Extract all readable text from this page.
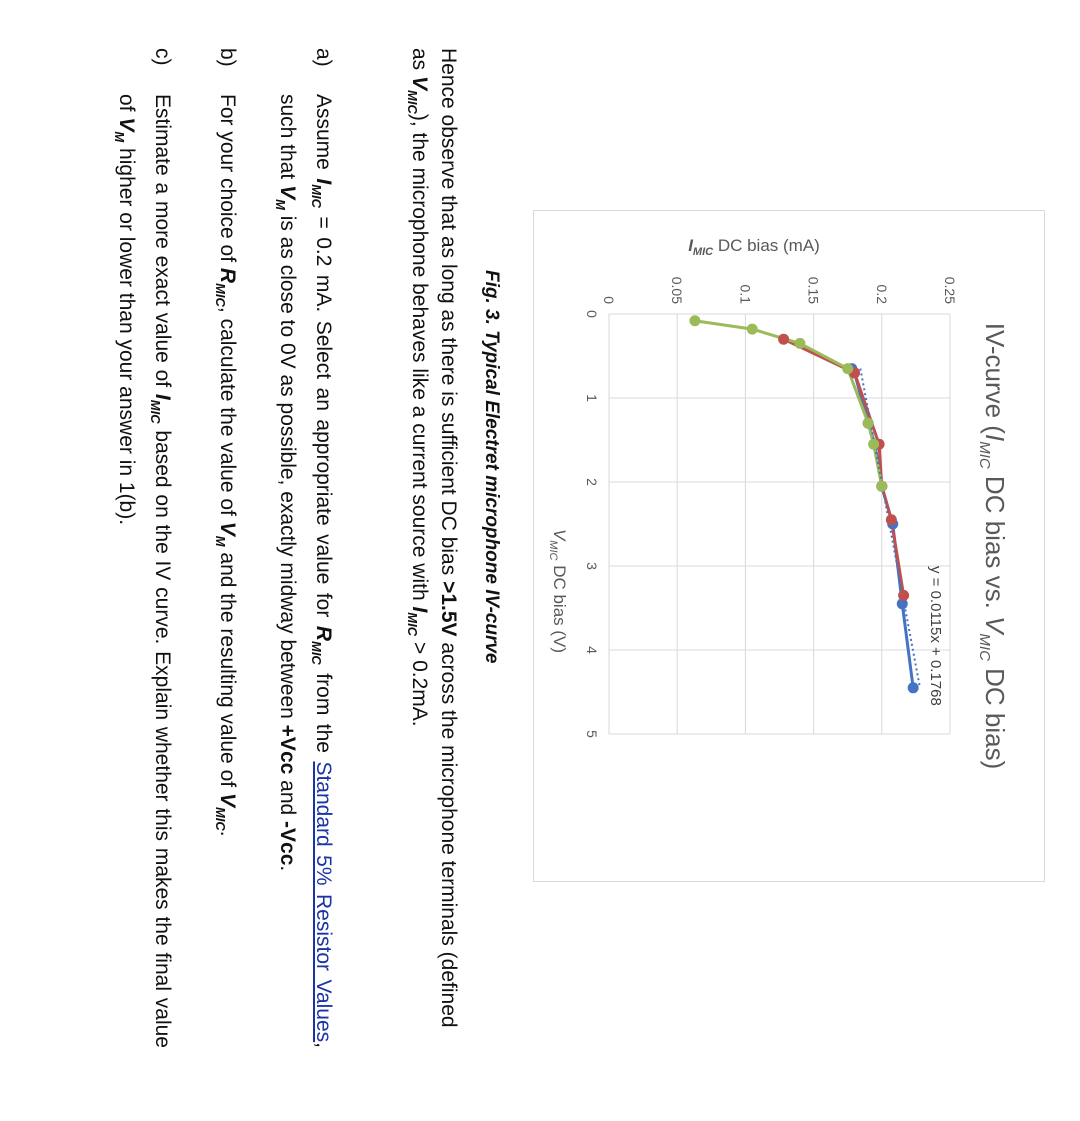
IV-curve ($I_{MIC}$ DC bias vs. $V_{MIC}$ DC bias)
0
1
2
3
4
5
0	0.05	0.1	0.15	0.2	0.25
$I_{MIC}$ DC bias (mA)
$V_{MIC}$ DC bias (V)	y = 0.0115x + 0.1768
Fig. 3. Typical Electret microphone IV-curve
Hence observe that as long as there is sufficient DC bias >1.5V across the microphone terminals (defined as $V_{MIC}$), the microphone behaves like a current source with $I_{MIC} > 0.2mA$.
a)
Assume $I_{MIC} = 0.2$ mA. Select an appropriate value for $R_{MIC}$ from the Standard 5% Resistor Values, such that $V_M$ is as close to 0V as possible, exactly midway between +Vcc and -Vcc.
b)
For your choice of $R_{MIC}$, calculate the value of $V_M$ and the resulting value of $V_{MIC}$.
c)
Estimate a more exact value of $I_{MIC}$ based on the IV curve. Explain whether this makes the final value of $V_M$ higher or lower than your answer in 1(b).
